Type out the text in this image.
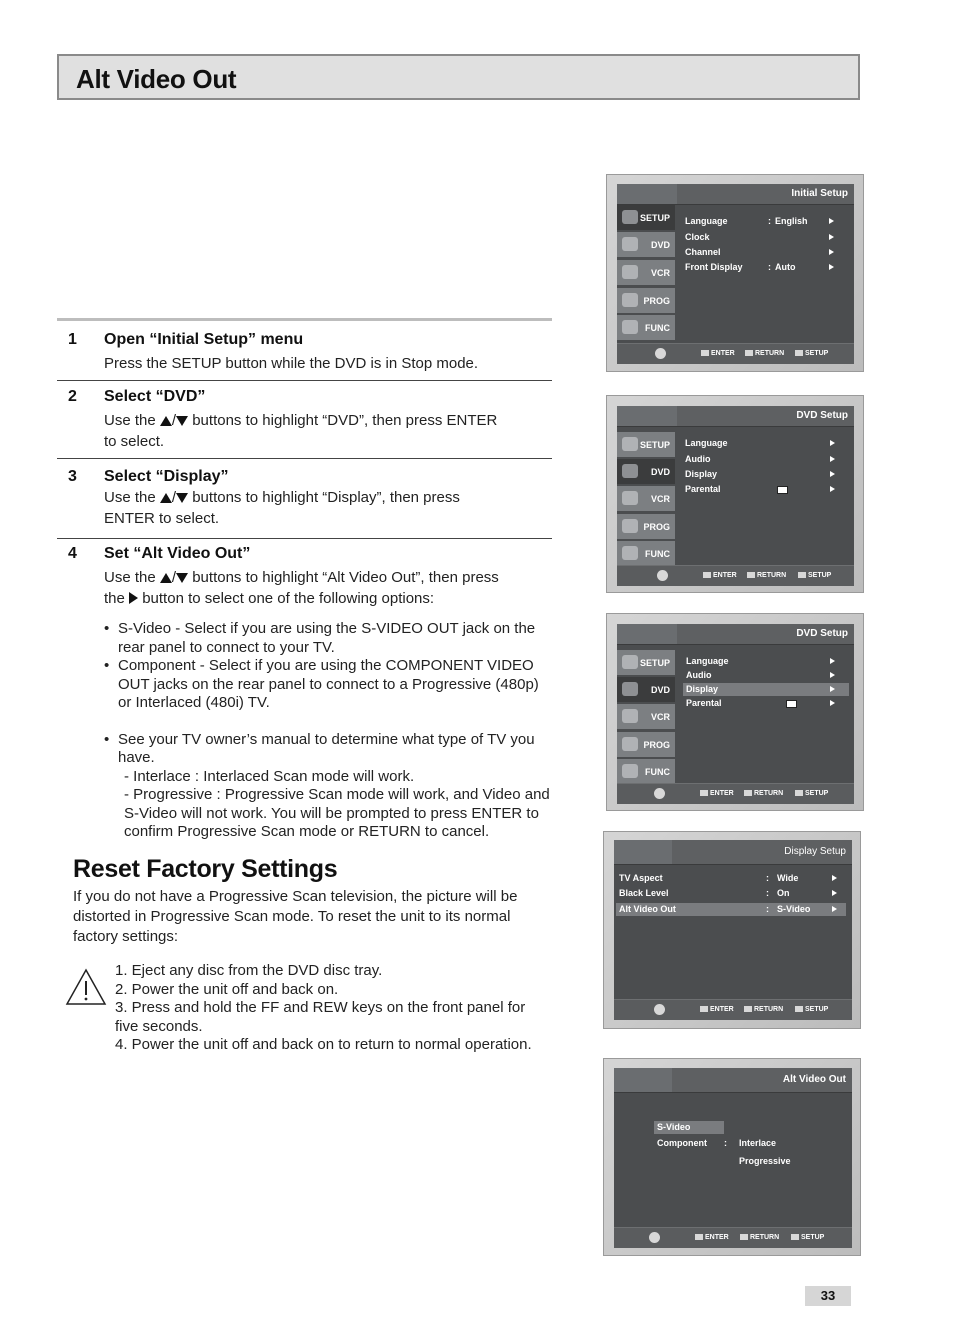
Alt Video Out
1 Open “Initial Setup” menu
Press the SETUP button while the DVD is in Stop mode.
2 Select “DVD”
Use the / buttons to highlight “DVD”, then press ENTER
to select.
3 Select “Display”
Use the / buttons to highlight “Display”, then press
ENTER to select.
4 Set “Alt Video Out”
Use the / buttons to highlight “Alt Video Out”, then press
the button to select one of the following options:
• S-Video - Select if you are using the S-VIDEO OUT jack on the
rear panel to connect to your TV.
• Component - Select if you are using the COMPONENT VIDEO
OUT jacks on the rear panel to connect to a Progressive (480p)
or Interlaced (480i) TV.
• See your TV owner’s manual to determine what type of TV you
have.
- Interlace : Interlaced Scan mode will work.
- Progressive : Progressive Scan mode will work, and Video and
S-Video will not work. You will be prompted to press ENTER to
confirm Progressive Scan mode or RETURN to cancel.
Reset Factory Settings
If you do not have a Progressive Scan television, the picture will be
distorted in Progressive Scan mode. To reset the unit to its normal
factory settings:
1. Eject any disc from the DVD disc tray.
2. Power the unit off and back on.
3. Press and hold the FF and REW keys on the front panel for
five seconds.
4. Power the unit off and back on to return to normal operation.
Initial Setup
SETUP
DVD
VCR
PROG
FUNC
Language	: English
Clock
Channel
Front Display	: Auto
ENTER	RETURN	SETUP
DVD Setup
SETUP
DVD
VCR
PROG
FUNC
Language
Audio
Display
Parental
ENTER	RETURN	SETUP
DVD Setup
SETUP
DVD
VCR
PROG
FUNC
Language
Audio
Display
Parental
ENTER	RETURN	SETUP
Display Setup
TV Aspect	: Wide
Black Level	: On
Alt Video Out	: S-Video
ENTER	RETURN	SETUP
Alt Video Out
S-Video
Component : Interlace
Progressive
ENTER	RETURN	SETUP
33
